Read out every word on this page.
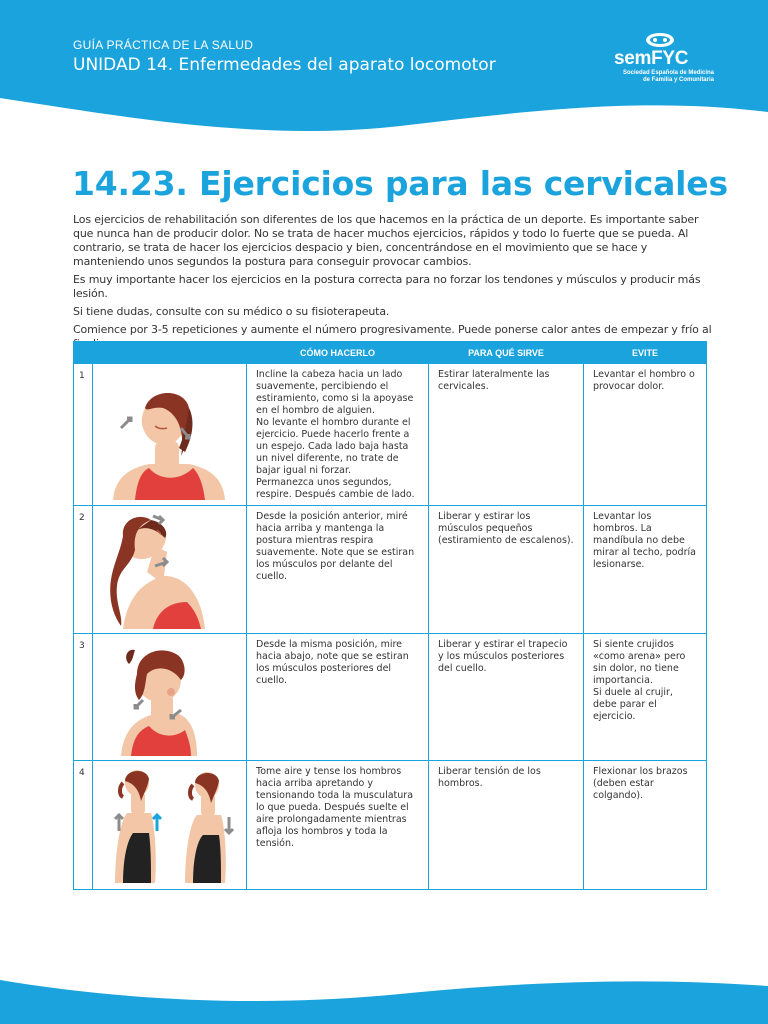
GUÍA PRÁCTICA DE LA SALUD
UNIDAD 14. Enfermedades del aparato locomotor	semFYC
Sociedad Española de Medicina
de Familia y Comunitaria
14.23. Ejercicios para las cervicales

Los ejercicios de rehabilitación son diferentes de los que hacemos en la práctica de un deporte. Es importante saber que nunca han de producir dolor. No se trata de hacer muchos ejercicios, rápidos y todo lo fuerte que se pueda. Al contrario, se trata de hacer los ejercicios despacio y bien, concentrándose en el movimiento que se hace y manteniendo unos segundos la postura para conseguir provocar cambios.

Es muy importante hacer los ejercicios en la postura correcta para no forzar los tendones y músculos y producir más lesión.

Si tiene dudas, consulte con su médico o su fisioterapeuta.

Comience por 3-5 repeticiones y aumente el número progresivamente. Puede ponerse calor antes de empezar y frío al

		CÓMO HACERLO	PARA QUÉ SIRVE	EVITE
1		Incline la cabeza hacia un lado suavemente, percibiendo el estiramiento, como si la apoyase en el hombro de alguien.
No levante el hombro durante el ejercicio. Puede hacerlo frente a un espejo. Cada lado baja hasta un nivel diferente, no trate de bajar igual ni forzar.
Permanezca unos segundos, respire. Después cambie de lado.	Estirar lateralmente las cervicales.	Levantar el hombro o provocar dolor.
2		Desde la posición anterior, miré hacia arriba y mantenga la postura mientras respira suavemente. Note que se estiran los músculos por delante del cuello.	Liberar y estirar los músculos pequeños (estiramiento de escalenos).	Levantar los hombros. La mandíbula no debe mirar al techo, podría lesionarse.
3		Desde la misma posición, mire hacia abajo, note que se estiran los músculos posteriores del cuello.	Liberar y estirar el trapecio y los músculos posteriores del cuello.	Si siente crujidos «como arena» pero sin dolor, no tiene importancia.
Si duele al crujir, debe parar el ejercicio.
4		Tome aire y tense los hombros hacia arriba apretando y tensionando toda la musculatura lo que pueda. Después suelte el aire prolongadamente mientras afloja los hombros y toda la tensión.	Liberar tensión de los hombros.	Flexionar los brazos (deben estar colgando).
